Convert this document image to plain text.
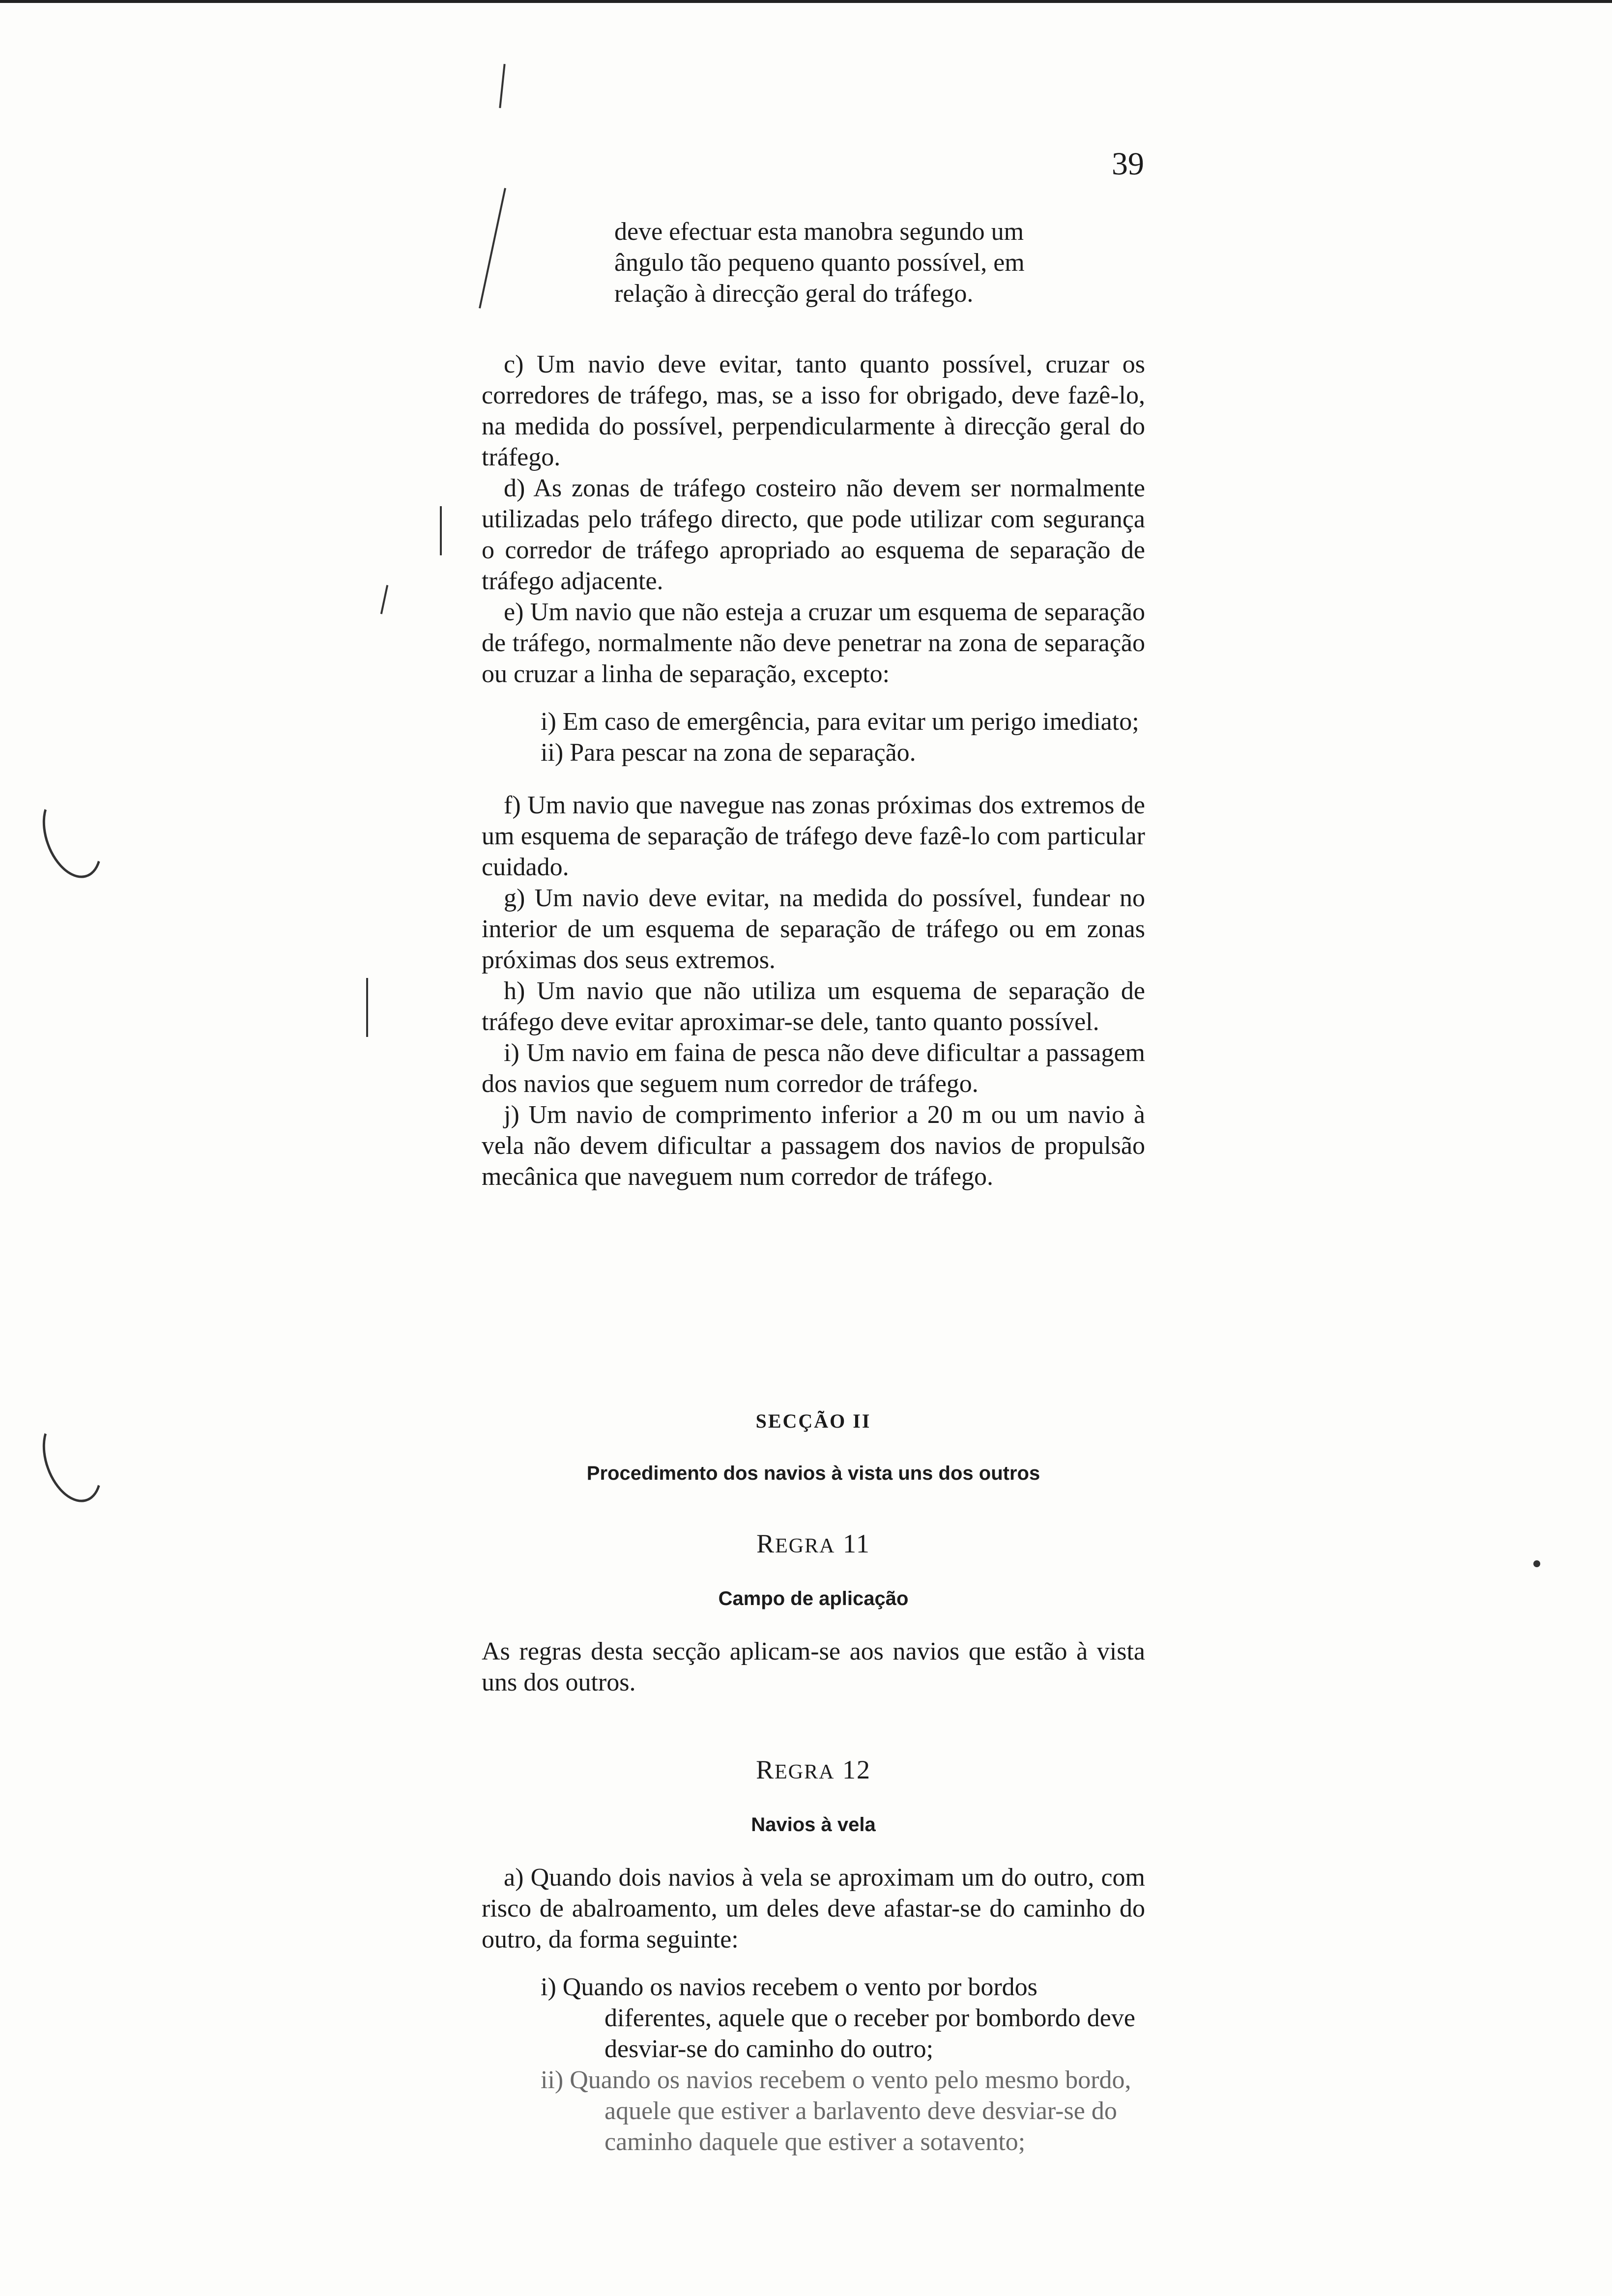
39

deve efectuar esta manobra segundo um

ângulo tão pequeno quanto possível, em

relação à direcção geral do tráfego.

c) Um navio deve evitar, tanto quanto possível, cruzar os corredores de tráfego, mas, se a isso for obrigado, deve fazê-lo, na medida do possível, perpendicularmente à direcção geral do tráfego.

d) As zonas de tráfego costeiro não devem ser normalmente utilizadas pelo tráfego directo, que pode utilizar com segurança o corredor de tráfego apropriado ao esquema de separação de tráfego adjacente.

e) Um navio que não esteja a cruzar um esquema de separação de tráfego, normalmente não deve penetrar na zona de separação ou cruzar a linha de separação, excepto:

i) Em caso de emergência, para evitar um perigo imediato;

ii) Para pescar na zona de separação.

f) Um navio que navegue nas zonas próximas dos extremos de um esquema de separação de tráfego deve fazê-lo com particular cuidado.

g) Um navio deve evitar, na medida do possível, fundear no interior de um esquema de separação de tráfego ou em zonas próximas dos seus extremos.

h) Um navio que não utiliza um esquema de separação de tráfego deve evitar aproximar-se dele, tanto quanto possível.

i) Um navio em faina de pesca não deve dificultar a passagem dos navios que seguem num corredor de tráfego.

j) Um navio de comprimento inferior a 20 m ou um navio à vela não devem dificultar a passagem dos navios de propulsão mecânica que naveguem num corredor de tráfego.

SECÇÃO II

Procedimento dos navios à vista uns dos outros

REGRA 11

Campo de aplicação

As regras desta secção aplicam-se aos navios que estão à vista uns dos outros.

REGRA 12

Navios à vela

a) Quando dois navios à vela se aproximam um do outro, com risco de abalroamento, um deles deve afastar-se do caminho do outro, da forma seguinte:

i) Quando os navios recebem o vento por bordos diferentes, aquele que o receber por bombordo deve desviar-se do caminho do outro;

ii) Quando os navios recebem o vento pelo mesmo bordo, aquele que estiver a barlavento deve desviar-se do caminho daquele que estiver a sotavento;
